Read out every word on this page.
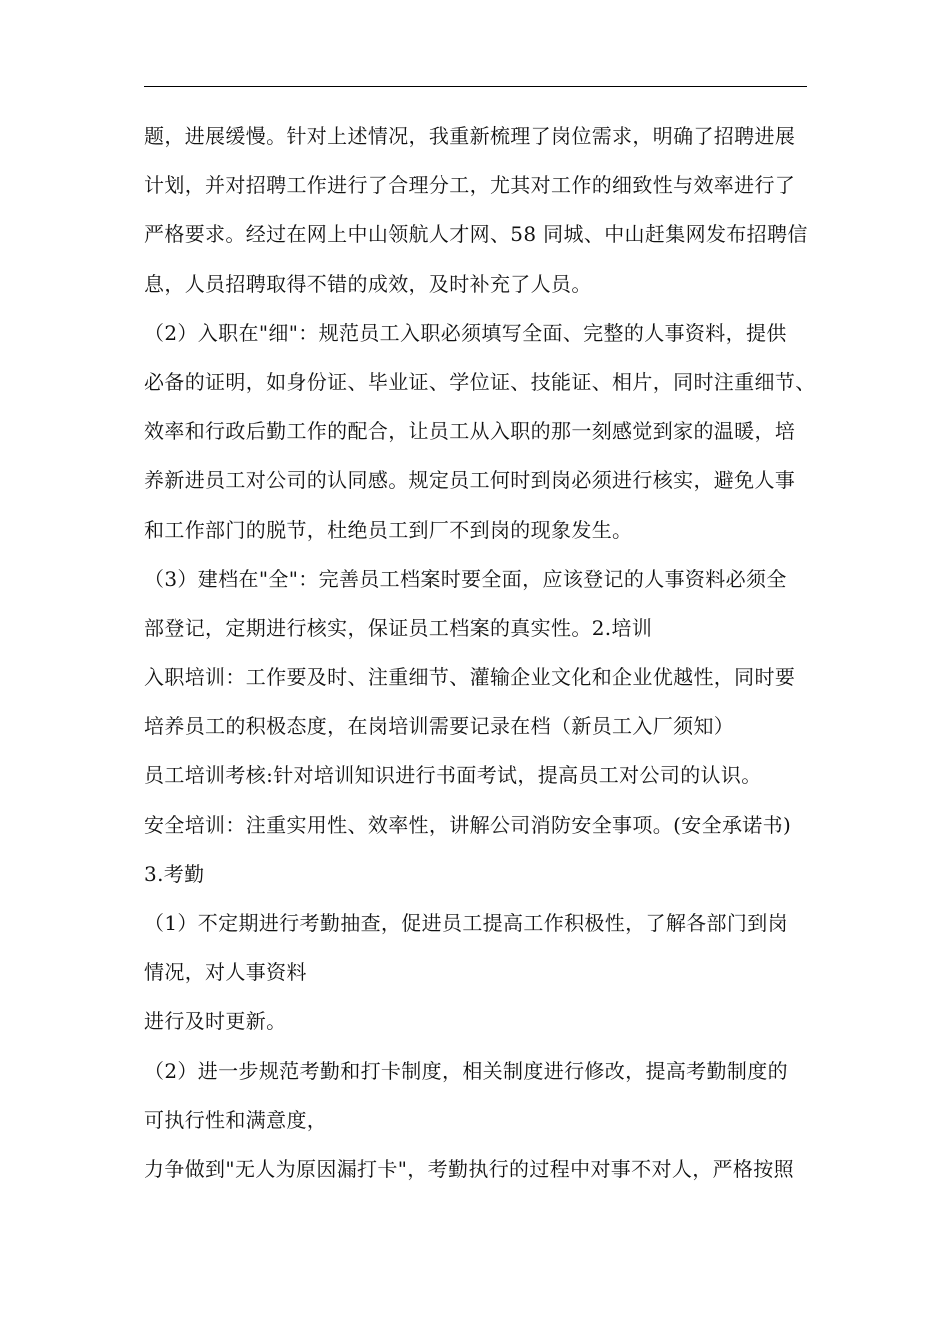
题，进展缓慢。针对上述情况，我重新梳理了岗位需求，明确了招聘进展
计划，并对招聘工作进行了合理分工，尤其对工作的细致性与效率进行了
严格要求。经过在网上中山领航人才网、58 同城、中山赶集网发布招聘信
息，人员招聘取得不错的成效，及时补充了人员。
（2）入职在"细"：规范员工入职必须填写全面、完整的人事资料，提供
必备的证明，如身份证、毕业证、学位证、技能证、相片，同时注重细节、
效率和行政后勤工作的配合，让员工从入职的那一刻感觉到家的温暖，培
养新进员工对公司的认同感。规定员工何时到岗必须进行核实，避免人事
和工作部门的脱节，杜绝员工到厂不到岗的现象发生。
（3）建档在"全"：完善员工档案时要全面，应该登记的人事资料必须全
部登记，定期进行核实，保证员工档案的真实性。2.培训
入职培训：工作要及时、注重细节、灌输企业文化和企业优越性，同时要
培养员工的积极态度，在岗培训需要记录在档（新员工入厂须知）
员工培训考核:针对培训知识进行书面考试，提高员工对公司的认识。
安全培训：注重实用性、效率性，讲解公司消防安全事项。(安全承诺书)
3.考勤
（1）不定期进行考勤抽查，促进员工提高工作积极性，了解各部门到岗
情况，对人事资料
进行及时更新。
（2）进一步规范考勤和打卡制度，相关制度进行修改，提高考勤制度的
可执行性和满意度，
力争做到"无人为原因漏打卡"，考勤执行的过程中对事不对人，严格按照
